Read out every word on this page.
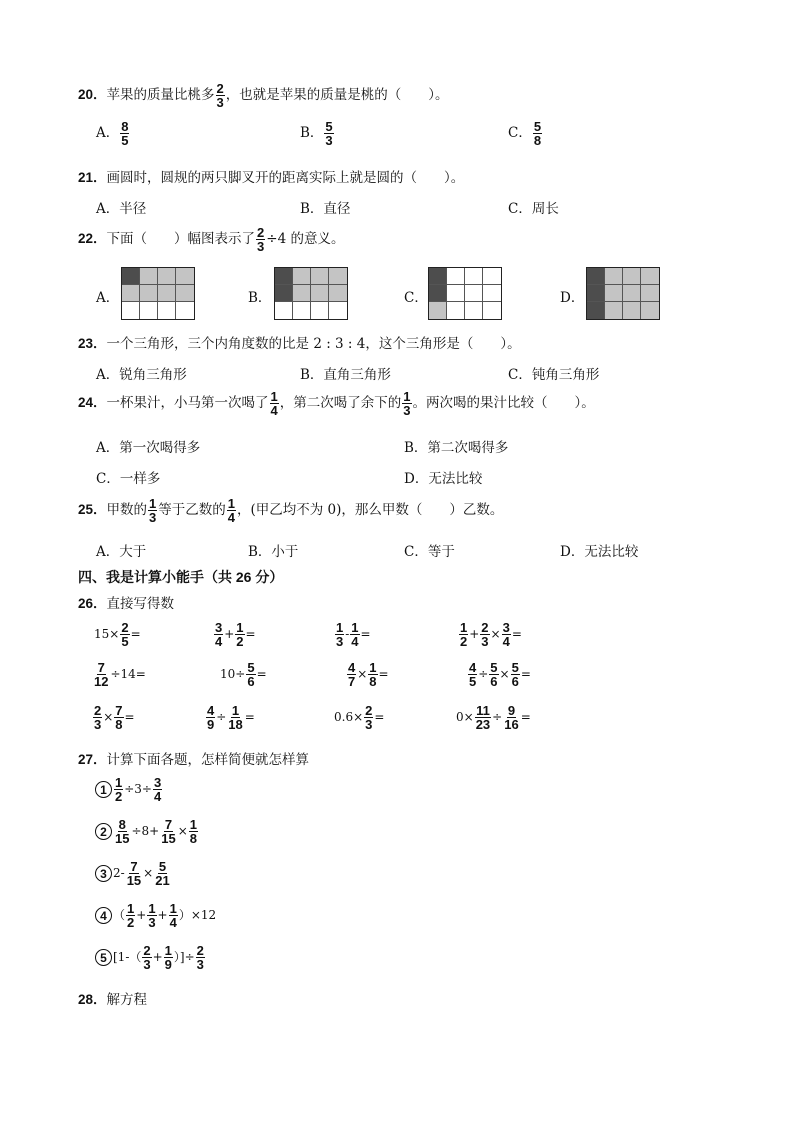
20．苹果的质量比桃多 $\frac{2}{3}$ ，也就是苹果的质量是桃的（　　）。
A． $\frac{8}{5}$	B． $\frac{5}{3}$	C． $\frac{5}{8}$
21．画圆时，圆规的两只脚叉开的距离实际上就是圆的（　　）。
A．半径	B．直径	C．周长
22．下面（　　）幅图表示了 $\frac{2}{3} \div 4$ 的意义。
A．	B．	C．	D．
23．一个三角形，三个内角度数的比是 2 : 3 : 4，这个三角形是（　　）。
A．锐角三角形	B．直角三角形	C．钝角三角形
24．一杯果汁，小马第一次喝了 $\frac{1}{4}$ ，第二次喝了余下的 $\frac{1}{3}$ 。两次喝的果汁比较（　　）。
A．第一次喝得多	B．第二次喝得多
C．一样多	D．无法比较
25．甲数的 $\frac{1}{3}$ 等于乙数的 $\frac{1}{4}$ ，(甲乙均不为 0)，那么甲数（　　）乙数。
A．大于	B．小于	C．等于	D．无法比较
四、我是计算小能手（共 26 分）
26．直接写得数
$15\times \frac{2}{5}$ =	$\frac{3}{4} + \frac{1}{2}$ =	$\frac{1}{3} - \frac{1}{4}$ =	$\frac{1}{2} + \frac{2}{3} \times \frac{3}{4}$ =
$\frac{7}{12} \div 14=$	$10\div \frac{5}{6}$ =	$\frac{4}{7} \times \frac{1}{8}$ =	$\frac{4}{5} \div \frac{5}{6} \times \frac{5}{6}$ =
$\frac{2}{3} \times \frac{7}{8}$ =	$\frac{4}{9} \div \frac{1}{18}$ =	$0.6\times \frac{2}{3}$ =	$0\times \frac{11}{23} \div \frac{9}{16}$ =
27．计算下面各题，怎样简便就怎样算
$1 \frac{1}{2} \div 3\div \frac{3}{4}$
$2 \frac{8}{15} \div 8+ \frac{7}{15} \times \frac{1}{8}$
3 $2- \frac{7}{15} \times \frac{5}{21}$
4 （ $\frac{1}{2} + \frac{1}{3} + \frac{1}{4} )\times 12$
5 [$1-( \frac{2}{3} + \frac{1}{9}$ ）]÷ $\frac{2}{3}$
28．解方程
